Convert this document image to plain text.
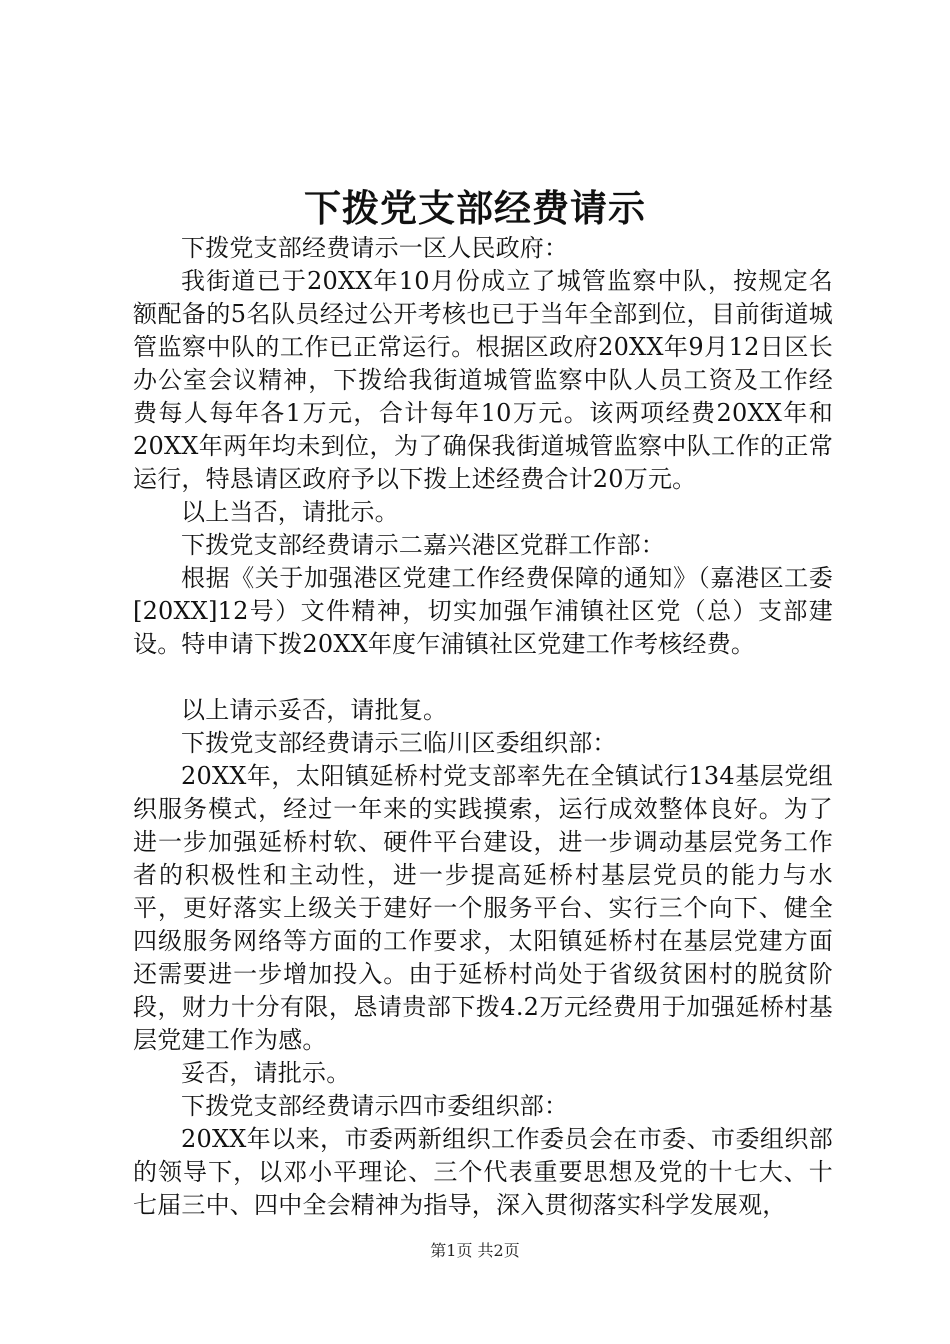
下拨党支部经费请示

下拨党支部经费请示一区人民政府：

我街道已于20XX年10月份成立了城管监察中队，按规定名额配备的5名队员经过公开考核也已于当年全部到位，目前街道城管监察中队的工作已正常运行。根据区政府20XX年9月12日区长办公室会议精神，下拨给我街道城管监察中队人员工资及工作经费每人每年各1万元，合计每年10万元。该两项经费20XX年和20XX年两年均未到位，为了确保我街道城管监察中队工作的正常运行，特恳请区政府予以下拨上述经费合计20万元。

以上当否，请批示。

下拨党支部经费请示二嘉兴港区党群工作部：

根据《关于加强港区党建工作经费保障的通知》（嘉港区工委[20XX]12号）文件精神，切实加强乍浦镇社区党（总）支部建设。特申请下拨20XX年度乍浦镇社区党建工作考核经费。

以上请示妥否，请批复。

下拨党支部经费请示三临川区委组织部：

20XX年，太阳镇延桥村党支部率先在全镇试行134基层党组织服务模式，经过一年来的实践摸索，运行成效整体良好。为了进一步加强延桥村软、硬件平台建设，进一步调动基层党务工作者的积极性和主动性，进一步提高延桥村基层党员的能力与水平，更好落实上级关于建好一个服务平台、实行三个向下、健全四级服务网络等方面的工作要求，太阳镇延桥村在基层党建方面还需要进一步增加投入。由于延桥村尚处于省级贫困村的脱贫阶段，财力十分有限，恳请贵部下拨4.2万元经费用于加强延桥村基层党建工作为感。

妥否，请批示。

下拨党支部经费请示四市委组织部：

20XX年以来，市委两新组织工作委员会在市委、市委组织部的领导下，以邓小平理论、三个代表重要思想及党的十七大、十七届三中、四中全会精神为指导，深入贯彻落实科学发展观，

第1页 共2页
